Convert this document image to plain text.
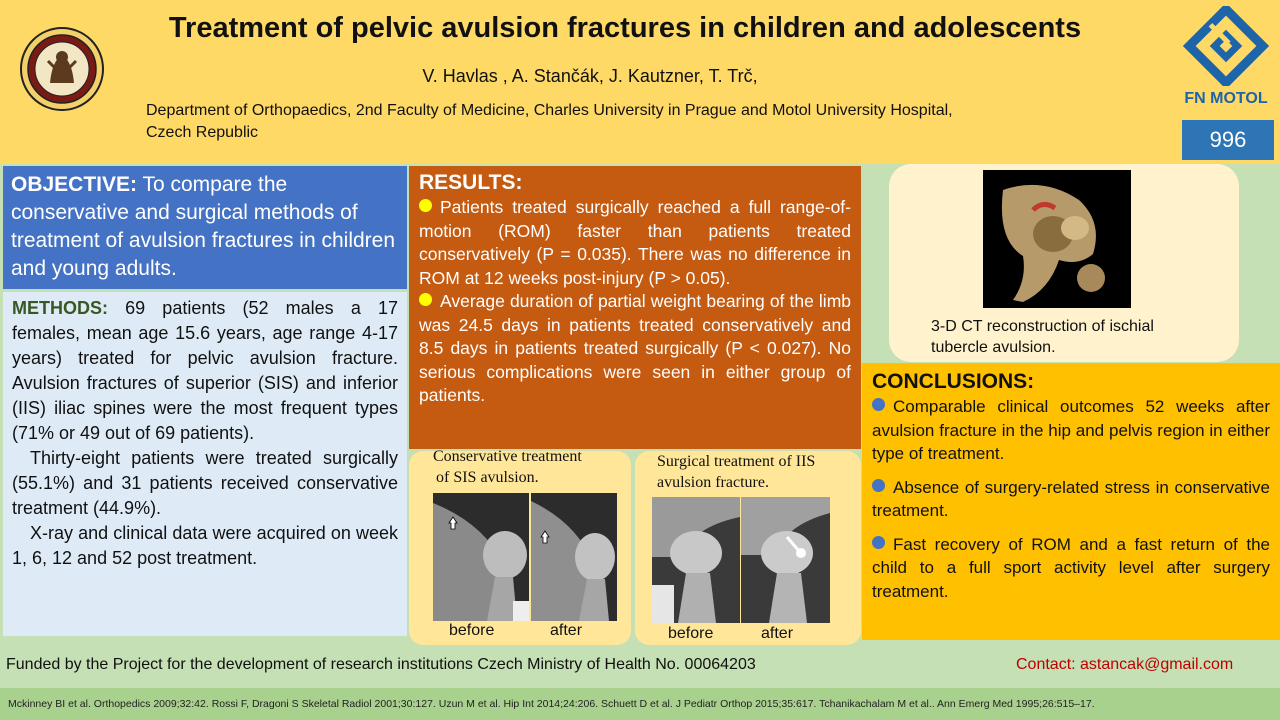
Treatment of pelvic avulsion fractures in children and adolescents
V. Havlas , A. Stančák, J. Kautzner, T. Trč,
Department of Orthopaedics, 2nd Faculty of Medicine, Charles University in Prague and Motol University Hospital,
Czech Republic
FN MOTOL
996
OBJECTIVE: To compare the conservative and surgical methods of treatment of avulsion fractures in children and young adults.

METHODS: 69 patients (52 males a 17 females, mean age 15.6 years, age range 4-17 years) treated for pelvic avulsion fracture. Avulsion fractures of superior (SIS) and inferior (IIS) iliac spines were the most frequent types (71% or 49 out of 69 patients).

Thirty-eight patients were treated surgically (55.1%) and 31 patients received conservative treatment (44.9%).

X-ray and clinical data were acquired on week 1, 6, 12 and 52 post treatment.

RESULTS:

Patients treated surgically reached a full range-of-motion (ROM) faster than patients treated conservatively (P = 0.035). There was no difference in ROM at 12 weeks post-injury (P > 0.05).

Average duration of partial weight bearing of the limb was 24.5 days in patients treated conservatively and 8.5 days in patients treated surgically (P < 0.027). No serious complications were seen in either group of patients.

Conservative treatment
of SIS avulsion.
before	after
Surgical treatment of IIS
avulsion fracture.
before	after
3-D CT reconstruction of ischial tubercle avulsion.
CONCLUSIONS:

Comparable clinical outcomes 52 weeks after avulsion fracture in the hip and pelvis region in either type of treatment.

Absence of surgery-related stress in conservative treatment.

Fast recovery of ROM and a fast return of the child to a full sport activity level after surgery treatment.

Funded by the Project for the development of research institutions Czech Ministry of Health No. 00064203	Contact: astancak@gmail.com
Mckinney BI et al. Orthopedics 2009;32:42. Rossi F, Dragoni S Skeletal Radiol 2001;30:127. Uzun M et al. Hip Int 2014;24:206. Schuett D et al. J Pediatr Orthop 2015;35:617. Tchanikachalam M et al.. Ann Emerg Med 1995;26:515–17.
